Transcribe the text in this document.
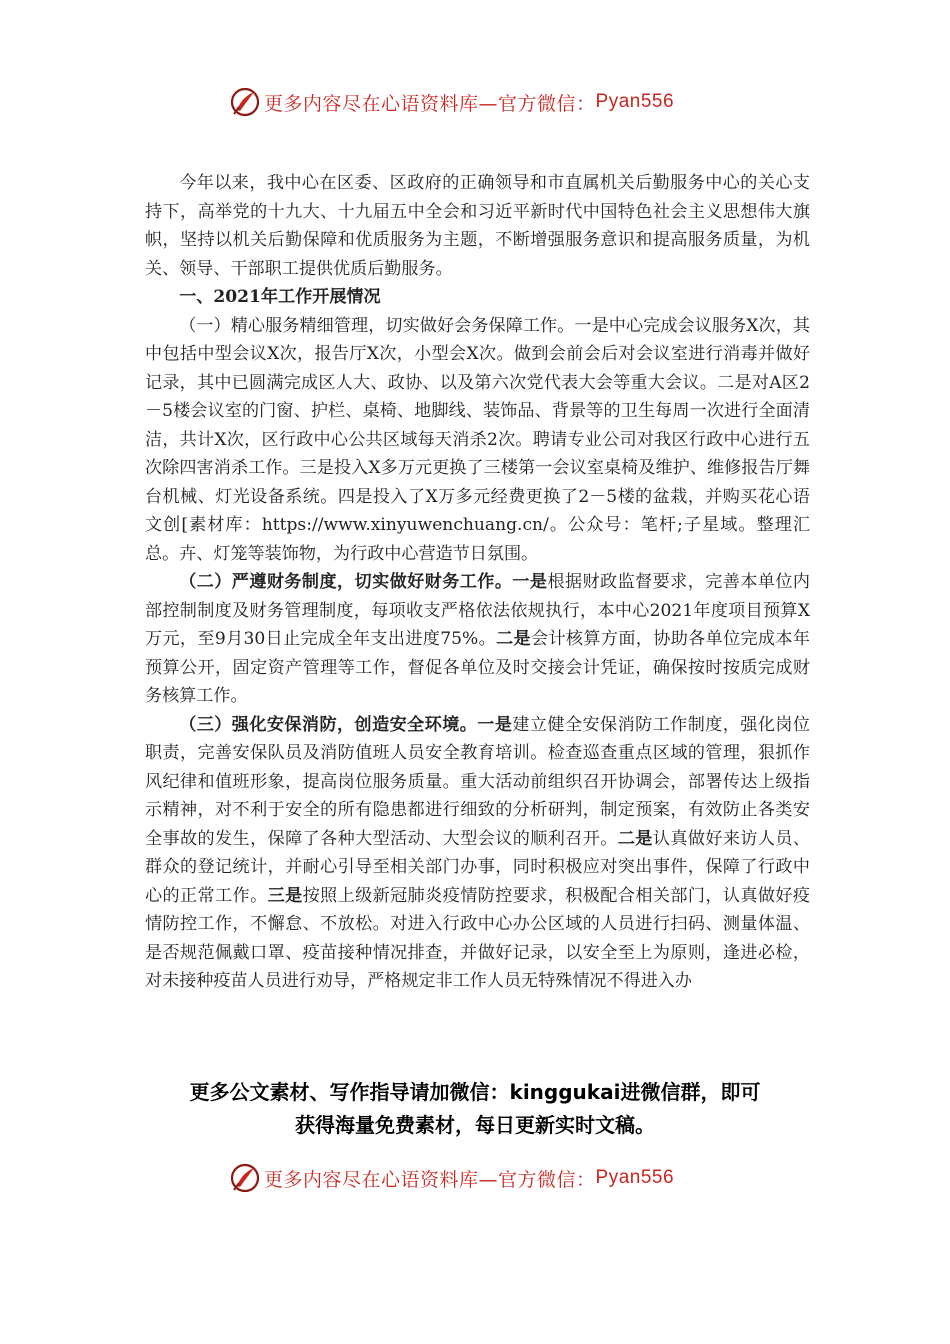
更多内容尽在心语资料库—官方微信： Pyan556

今年以来，我中心在区委、区政府的正确领导和市直属机关后勤服务中心的关心支持下，高举党的十九大、十九届五中全会和习近平新时代中国特色社会主义思想伟大旗帜，坚持以机关后勤保障和优质服务为主题，不断增强服务意识和提高服务质量，为机关、领导、干部职工提供优质后勤服务。

一、2021年工作开展情况

（一）精心服务精细管理，切实做好会务保障工作。一是中心完成会议服务X次，其中包括中型会议X次，报告厅X次，小型会X次。做到会前会后对会议室进行消毒并做好记录，其中已圆满完成区人大、政协、以及第六次党代表大会等重大会议。二是对A区2－5楼会议室的门窗、护栏、桌椅、地脚线、装饰品、背景等的卫生每周一次进行全面清洁，共计X次，区行政中心公共区域每天消杀2次。聘请专业公司对我区行政中心进行五次除四害消杀工作。三是投入X多万元更换了三楼第一会议室桌椅及维护、维修报告厅舞台机械、灯光设备系统。四是投入了X万多元经费更换了2－5楼的盆栽，并购买花心语文创[素材库：https://www.xinyuwenchuang.cn/。公众号：笔杆;子星域。整理汇总。卉、灯笼等装饰物，为行政中心营造节日氛围。

（二）严遵财务制度，切实做好财务工作。一是根据财政监督要求，完善本单位内部控制制度及财务管理制度，每项收支严格依法依规执行，本中心2021年度项目预算X万元，至9月30日止完成全年支出进度75%。二是会计核算方面，协助各单位完成本年预算公开，固定资产管理等工作，督促各单位及时交接会计凭证，确保按时按质完成财务核算工作。

（三）强化安保消防，创造安全环境。一是建立健全安保消防工作制度，强化岗位职责，完善安保队员及消防值班人员安全教育培训。检查巡查重点区域的管理，狠抓作风纪律和值班形象，提高岗位服务质量。重大活动前组织召开协调会，部署传达上级指示精神，对不利于安全的所有隐患都进行细致的分析研判，制定预案，有效防止各类安全事故的发生，保障了各种大型活动、大型会议的顺利召开。二是认真做好来访人员、群众的登记统计，并耐心引导至相关部门办事，同时积极应对突出事件，保障了行政中心的正常工作。三是按照上级新冠肺炎疫情防控要求，积极配合相关部门，认真做好疫情防控工作，不懈怠、不放松。对进入行政中心办公区域的人员进行扫码、测量体温、是否规范佩戴口罩、疫苗接种情况排查，并做好记录，以安全至上为原则，逢进必检，对未接种疫苗人员进行劝导，严格规定非工作人员无特殊情况不得进入办

更多公文素材、写作指导请加微信：kinggukai进微信群，即可
获得海量免费素材，每日更新实时文稿。
更多内容尽在心语资料库—官方微信： Pyan556
